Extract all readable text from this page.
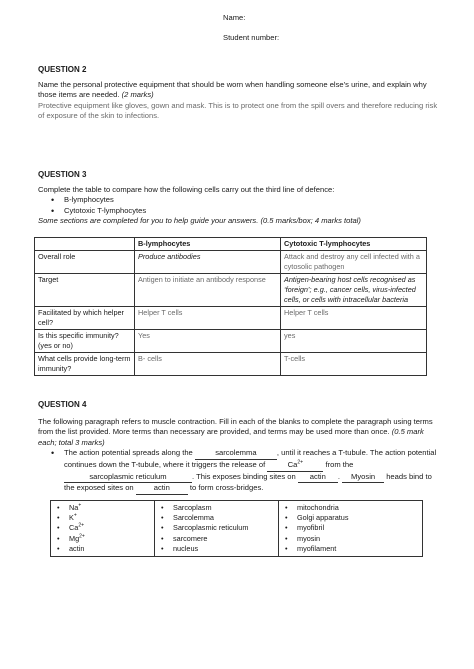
Name:
Student number:
QUESTION 2
Name the personal protective equipment that should be worn when handling someone else’s urine, and explain why those items are needed. (2 marks)
Protective equipment like gloves, gown and mask. This is to protect one from the spill overs and therefore reducing risk of exposure of the skin to infections.
QUESTION 3
Complete the table to compare how the following cells carry out the third line of defence:
• B-lymphocytes
• Cytotoxic T-lymphocytes
Some sections are completed for you to help guide your answers. (0.5 marks/box; 4 marks total)
	B-lymphocytes	Cytotoxic T-lymphocytes
Overall role	Produce antibodies	Attack and destroy any cell infected with a cytosolic pathogen
Target	Antigen to initiate an antibody response	Antigen-bearing host cells recognised as ‘foreign’; e.g., cancer cells, virus-infected cells, or cells with intracellular bacteria
Facilitated by which helper cell?	Helper T cells	Helper T cells
Is this specific immunity? (yes or no)	Yes	yes
What cells provide long-term immunity?	B- cells	T-cells
QUESTION 4
The following paragraph refers to muscle contraction. Fill in each of the blanks to complete the paragraph using terms from the list provided. More terms than necessary are provided, and terms may be used more than once. (0.5 mark each; total 3 marks)
• The action potential spreads along the	sarcolemma	, until it reaches a T-tubule. The action potential continues down the T-tubule, where it triggers the release of	$Ca^{2+}$	from the sarcoplasmic reticulum	. This exposes binding sites on actin . Myosin heads bind to the exposed sites on	actin	to form cross-bridges.
• Na+
• K+
• $Ca^{2+}$
• $Mg^{2+}$
• actin

• Sarcoplasm
• Sarcolemma
• Sarcoplasmic reticulum
• sarcomere
• nucleus

• mitochondria
• Golgi apparatus
• myofibril
• myosin
• myofilament
